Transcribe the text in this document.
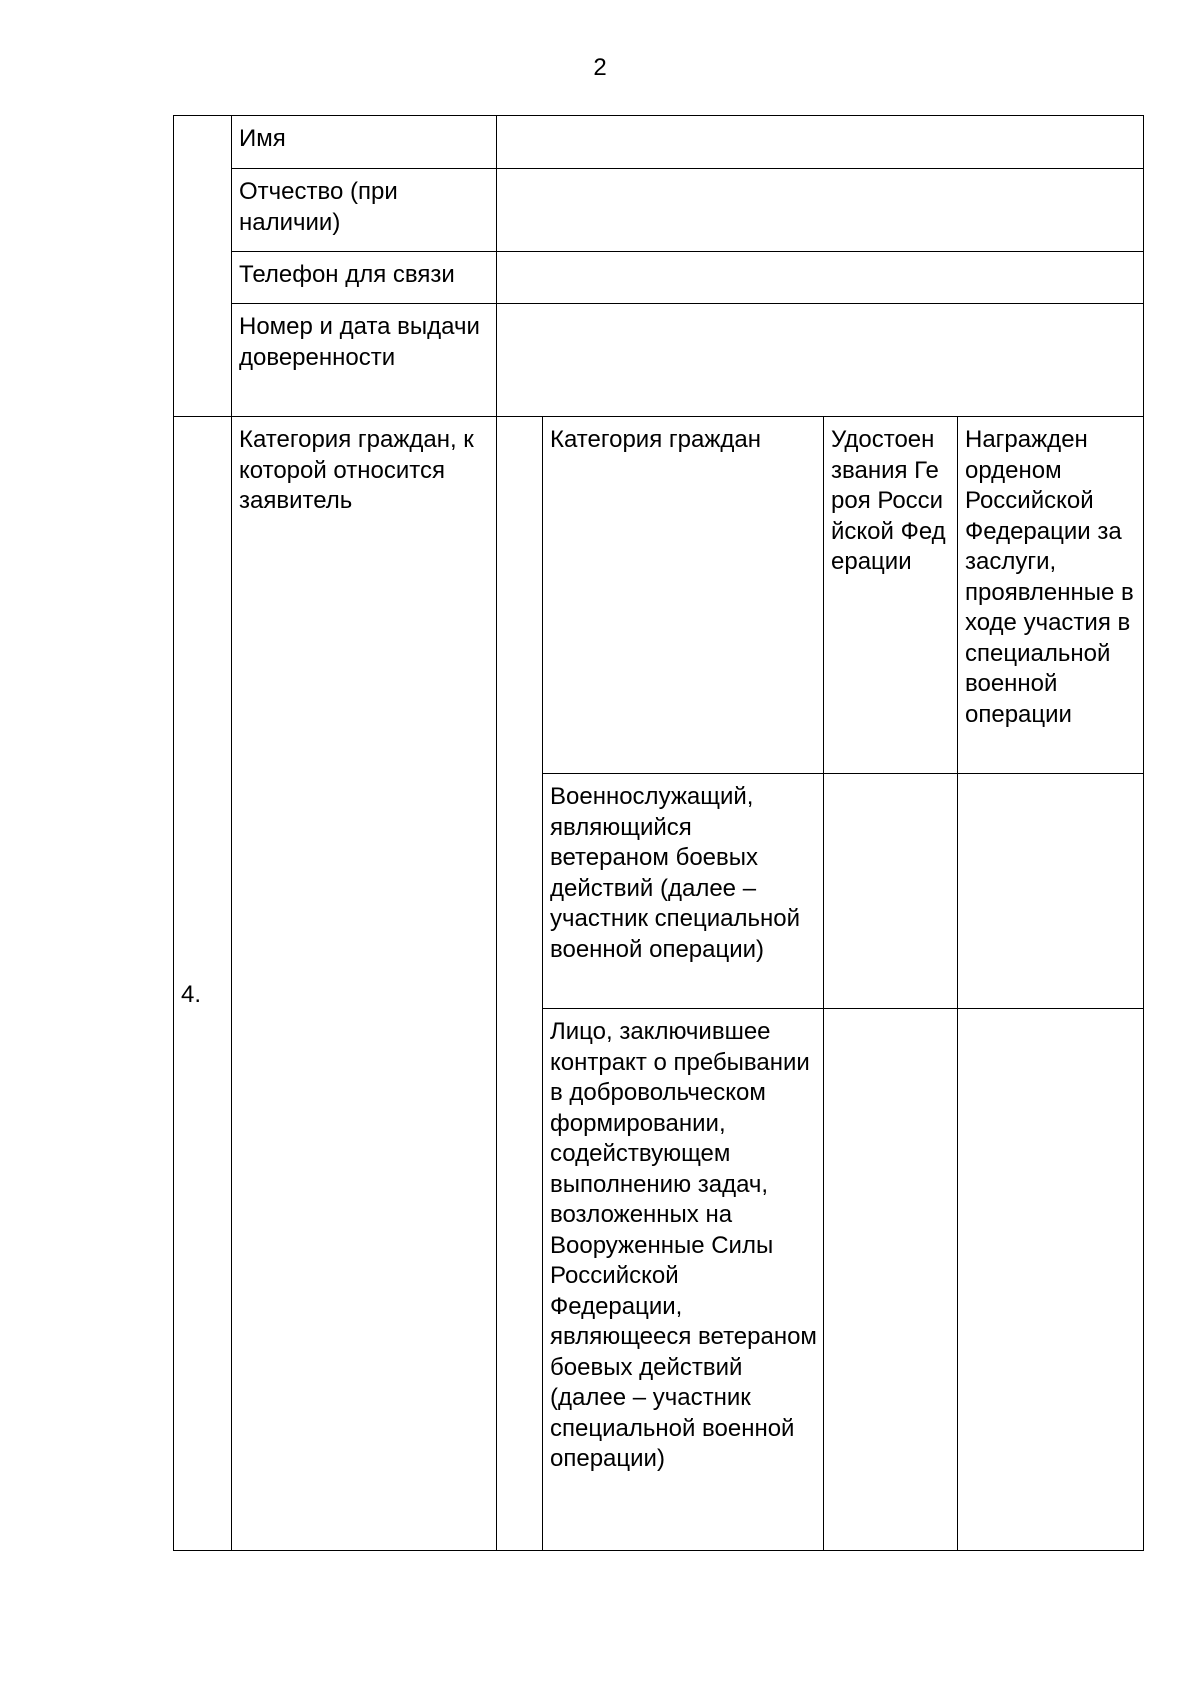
2
	Имя				
	Отчество (при наличии)				
	Телефон для связи				
	Номер и дата выдачи доверенности				
4.	Категория граждан, к которой относится заявитель		Категория граждан	Удостоен звания Героя Российской Федерации	Награжден орденом Российской Федерации за заслуги, проявленные в ходе участия в специальной военной операции
			Военнослужащий, являющийся ветераном боевых действий (далее – участник специальной военной операции)		
			Лицо, заключившее контракт о пребывании в добровольческом формировании, содействующем выполнению задач, возложенных на Вооруженные Силы Российской Федерации, являющееся ветераном боевых действий (далее – участник специальной военной операции)		
